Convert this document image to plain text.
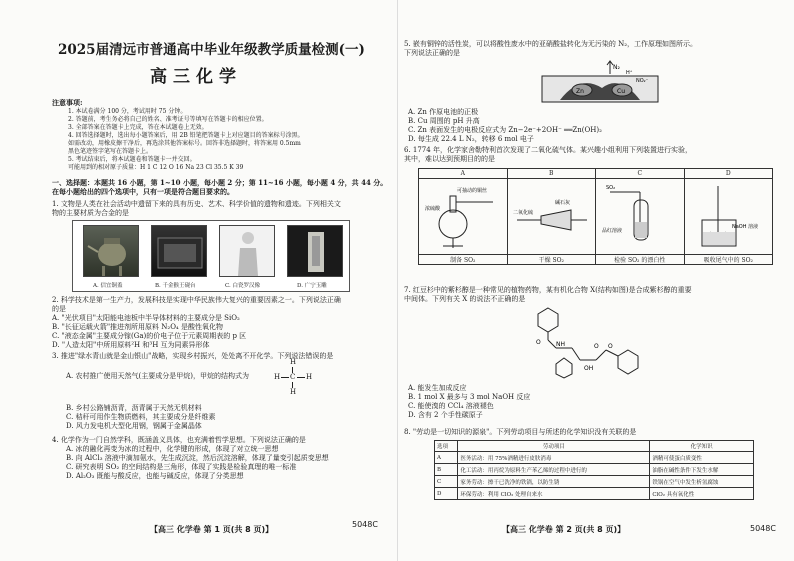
2025届清远市普通高中毕业年级教学质量检测(一)
高三化学
注意事项:
1. 本试卷满分 100 分，考试用时 75 分钟。
2. 答题前，考生务必将自己的姓名、准考证号等填写在答题卡的相应位置。
3. 全部答案在答题卡上完成，答在本试题卷上无效。
4. 回答选择题时，选出每小题答案后，用 2B 铅笔把答题卡上对应题目的答案标号涂黑。
如需改动，用橡皮擦干净后，再选涂其他答案标号。回答非选择题时，将答案用 0.5mm
黑色笔迹签字笔写在答题卡上。
5. 考试结束后，将本试题卷和答题卡一并交回。
可能用到的相对原子质量：H 1 C 12 O 16 Na 23 Cl 35.5 K 39
一、选择题：本题共 16 小题，第 1~10 小题，每小题 2 分；第 11~16 小题，每小题 4 分，共 44 分。
在每小题给出的四个选项中，只有一项是符合题目要求的。
1. 文物是人类在社会活动中遗留下来的具有历史、艺术、科学价值的遗物和遗迹。下列相关文
物的主要材质为合金的是
A. 信宜铜盉	B. 千金猴王砚台	C. 白瓷罗汉像	D. 广宁玉雕
2. 科学技术是第一生产力，发展科技是实现中华民族伟大复兴的重要因素之一。下列说法正确
的是
A. "光伏项目"太阳能电池板中半导体材料的主要成分是 SiO₂
B. "长征运载火箭"推进剂所用原料 N₂O₄ 是酸性氧化物
C. "液态金属"主要成分镓(Ga)的价电子位于元素周期表的 p 区
D. "人造太阳"中所用原料²H 和³H 互为同素异形体
3. 推进"绿水青山就是金山银山"战略，实现乡村振兴，处处离不开化学。下列说法错误的是
A. 农村推广使用天然气(主要成分是甲烷)，甲烷的结构式为
H
H C H
H
B. 乡村公路铺沥青，沥青属于天然无机材料
C. 秸秆可用作生物质燃料，其主要成分是纤维素
D. 风力发电机大型化用钢，钢属于金属晶体
4. 化学作为一门自然学科，既涵盖义具体，也充满着哲学思想。下列说法正确的是
A. 冰的融化再变为冰的过程中，化学键的形成，体现了对立统一思想
B. 向 AlCl₃ 溶液中滴加氨水，先生成沉淀，然后沉淀溶解，体现了量变引起质变思想
C. 研究表明 SO₂ 的空间结构是三角形，体现了实践是检验真理的唯一标准
D. Al₂O₃ 既能与酸反应，也能与碱反应，体现了分类思想
【高三 化学卷 第 1 页(共 8 页)】
5048C
5. 嵌有铜锌的活性炭，可以将酸性废水中的亚硝酸盐转化为无污染的 N₂，工作原理如图所示。
下列说法正确的是
Zn
N₂
H⁺
NO₂⁻
Cu
A. Zn 作原电池的正极
B. Cu 周围的 pH 升高
C. Zn 表面发生的电极反应式为 Zn−2e⁻+2OH⁻ ══Zn(OH)₂
D. 每生成 22.4 L N₂，转移 6 mol 电子
6. 1774 年，化学家舍勒特利首次发现了二氧化硫气体。某兴趣小组利用下列装置进行实验，
其中，难以达到预期目的的是
A	B	C	D

浓硫酸
可抽动的铜丝	二氧化硫
碱石灰	SO₂
品红溶液	NaOH 溶液

制备 SO₂	干燥 SO₂	检验 SO₂ 的漂白性	吸收尾气中的 SO₂
7. 红豆杉中的紫杉醇是一种常见的植物药物，某有机化合物 X(结构如图)是合成紫杉醇的重要
中间体。下列有关 X 的说法不正确的是
O	NH	O O
OH
A. 能发生加成反应
B. 1 mol X 最多与 3 mol NaOH 反应
C. 能使溴的 CCl₄ 溶液褪色
D. 含有 2 个手性碳原子
8. "劳动是一切知识的源泉"。下列劳动项目与所述的化学知识没有关联的是
选项	劳动项目	化学知识
A	医务活动：用 75%酒精进行皮肤消毒	酒精可使蛋白质变性
B	化工活动：用丙烷为原料生产苯乙烯的过程中进行的	油脂在碱性条件下发生水解
C	家务劳动：擦干已洗净的铁锅，以防生锈	铁锅在空气中发生析氢腐蚀
D	环保劳动：利用 ClO₂ 处理自来水	ClO₂ 具有氧化性
【高三 化学卷 第 2 页(共 8 页)】	5048C
